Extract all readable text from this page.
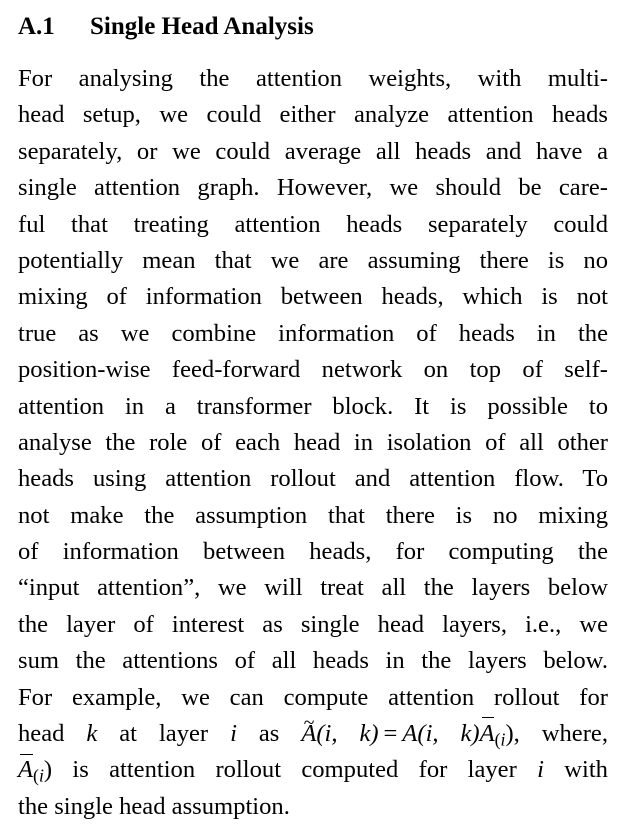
A.1 Single Head Analysis
For analysing the attention weights, with multi-
head setup, we could either analyze attention heads
separately, or we could average all heads and have a
single attention graph. However, we should be care-
ful that treating attention heads separately could
potentially mean that we are assuming there is no
mixing of information between heads, which is not
true as we combine information of heads in the
position-wise feed-forward network on top of self-
attention in a transformer block. It is possible to
analyse the role of each head in isolation of all other
heads using attention rollout and attention flow. To
not make the assumption that there is no mixing
of information between heads, for computing the
“input attention”, we will treat all the layers below
the layer of interest as single head layers, i.e., we
sum the attentions of all heads in the layers below.
For example, we can compute attention rollout for
head k at layer i as ~ A(i, k)  =  A(i, $k)A_{(i}$), where,
$A_{(i}$) is attention rollout computed for layer i with
the single head assumption.
